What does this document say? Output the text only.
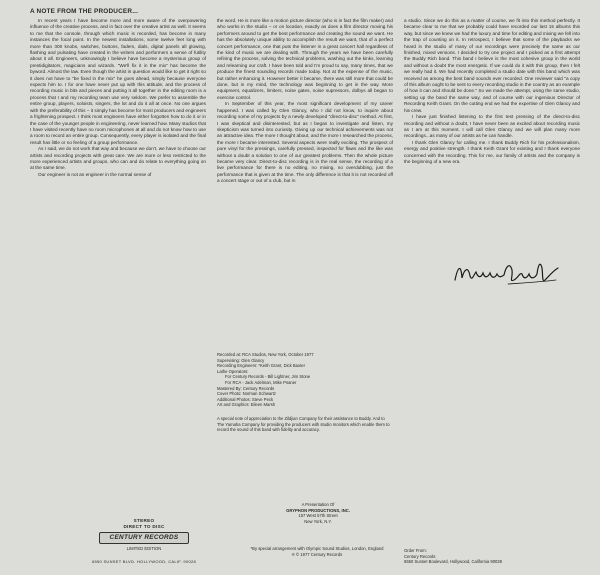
A NOTE FROM THE PRODUCER...

In recent years I have become more and more aware of the overpowering influence of the creative process, and in fact over the creative artist as well. It seems to me that the console, through which music is recorded, has become in many instances the focal point. In the newest installations, some twelve feet long with more than 300 knobs, switches, buttons, faders, dials, digital panels all glowing, flashing and pulsating have created in the writers and performers a sense of futility about it all. Engineers, unknowingly I believe have become a mysterious group of prestidigitators, magicians and wizards. "We'll fix it in the mix" has become the byword. Almost the law. Even though the artist in question would like to get it right so it does not have to "be fixed in the mix" he goes ahead, simply because everyone expects him to. I for one have never put up with this attitude, and the process of recording music in bits and pieces and putting it all together in the editing room is a process that I and my recording team use very seldom. We prefer to assemble the entire group, players, soloists, singers, the lot and do it all at once. No one argues with the preferability of this – it simply has become for most producers and engineers a frightening prospect. I think most engineers have either forgotten how to do it or in the case of the younger people in engineering, never learned how. Many studios that I have visited recently have no room microphones at all and do not know how to use a room to record an entire group. Consequently, every player is isolated and the final result has little or no feeling of a group performance.

As I said, we do not work that way and because we don't, we have to choose our artists and recording projects with great care. We are more or less restricted to the more experienced artists and groups, who can and do relate to everything going on at the same time.

Our engineer is not an engineer in the normal sense of

the word. He is more like a motion picture director (who is in fact the film maker) and who works in the studio – or on location, exactly as does a film director moving his performers around to get the best performance and creating the sound we want. He has the absolutely unique ability to accomplish the result we want, that of a perfect concert performance, one that puts the listener in a great concert hall regardless of the kind of music we are dealing with. Through the years we have been carefully refining the process, solving the technical problems, washing out the kinks, learning and relearning our craft. I have been told and I'm proud to say, many times, that we produce the finest sounding records made today. Not at the expense of the music, but rather enhancing it. However better it became, there was still more that could be done, but in my mind, the technology was beginning to get in the way. More equipment, equalizers, limiters, noise gates, noise supressors, dolbys all began to exercise control.

In September of this year, the most significant development of my career happened. I was called by Glen Glancy, who I did not know, to inquire about recording some of my projects by a newly developed "direct-to-disc" method. At first, I was skeptical and disinterested, but as I began to investigate and listen, my skepticism was turned into curiosity. Giving up our technical achievements was not an attractive idea. The more I thought about, and the more I researched the process, the more I became interested. Several aspects were really exciting. The prospect of pure vinyl for the pressings, carefully pressed, inspected for flaws and the like was without a doubt a solution to one of our greatest problems. Then the whole picture became very clear. Direct-to-disc recording is in the real sense, the recording of a live performance for there is no editing, no mixing, no overdubbing, just the performance that is given at the time. The only difference is that it is not recorded off a concert stage or out of a club, but in

a studio. Since we do this as a matter of course, we fit into this method perfectly. It became clear to me that we probably could have recorded our last 15 albums this way, but since we knew we had the luxury and time for editing and mixing we fell into the trap of counting on it. In retrospect, I believe that some of the playbacks we heard in the studio of many of our recordings were precisely the same as our finished, mixed versions. I decided to try one project and I picked as a first attempt the Buddy Rich band. This band I believe is the most cohesive group in the world and without a doubt the most energetic. If we could do it with this group, then I felt we really had it. We had recently completed a studio date with this band which was received as among the best band sounds ever recorded. One reviewer said "a copy of this album ought to be sent to every recording studio in the country as an example of how it can and should be done." So we made the attempt, using the same studio, setting up the band the same way, and of course with our ingenious Director of Recording Keith Grant. On the cutting end we had the expertise of Glen Glancy and his crew.

I have just finished listening to the first test pressing of the direct-to-disc recording and without a doubt, I have never been as excited about recording music as I am at this moment. I will call Glen Glancy and we will plan many more recordings...as many of our artists as he can handle.

I thank Glen Glancy for calling me. I thank Buddy Rich for his professionalism, energy and positive strength. I thank Keith Grant for existing and I thank everyone concerned with the recording. This for me, our family of artists and the company is the beginning of a new era.

Recorded at: RCA Studios, New York, October 1977

Supervising: Glen Glancy

Recording Engineers: *Keith Grant, Dick Baxter

Lathe Operators:

For Century Records - Bill Lightner, Jim Stone

For RCA - Jack Adelman, Mike Psaner

Mastered By: Century Records

Cover Photo: Norman Schwartz

Additional Photos: Steve Peck

Art and Graphics: Eileen Marsh

A special note of appreciation to the Zildjian Company for their assistance to Buddy. And to The Yamaha Company for providing the producers with studio monitors which enable them to record the sound of this band with fidelity and accuracy.

A Presentation Of
GRYPHON PRODUCTIONS, INC.
157 West 57th Street
New York, N.Y.
*By special arrangement with Olympic Sound Studios, London, England
℗ © 1977 Century Records
Order From:
Century Records
6550 Sunset Boulevard, Hollywood, California 90028
STEREO
DIRECT TO DISC
CENTURY RECORDS
LIMITED EDITION
6550 SUNSET BLVD. HOLLYWOOD, CALIF. 90028
